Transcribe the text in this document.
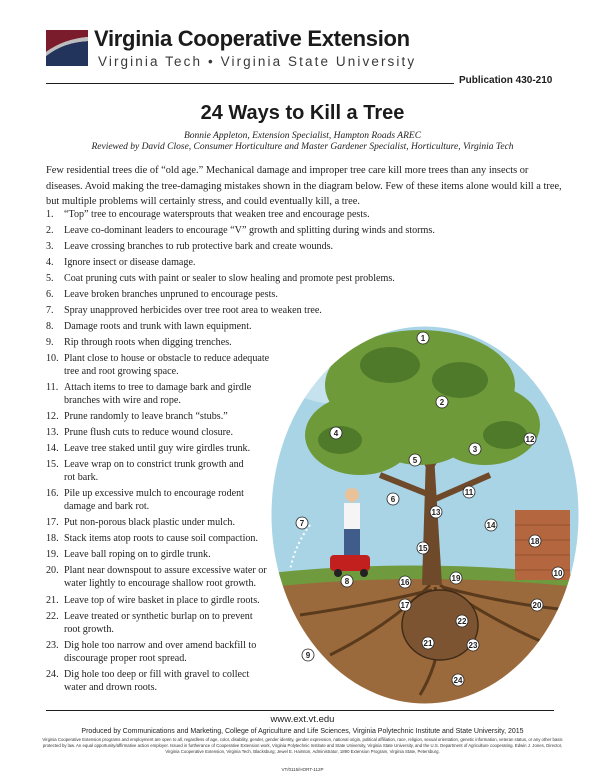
Virginia Cooperative Extension
Virginia Tech • Virginia State University
Publication 430-210
24 Ways to Kill a Tree
Bonnie Appleton, Extension Specialist, Hampton Roads AREC
Reviewed by David Close, Consumer Horticulture and Master Gardener Specialist, Horticulture, Virginia Tech
Few residential trees die of “old age.” Mechanical damage and improper tree care kill more trees than any insects or diseases. Avoid making the tree-damaging mistakes shown in the diagram below. Few of these items alone would kill a tree, but multiple problems will certainly stress, and could eventually kill, a tree.
1
2
3
4
5
6
7
8
9
10
11
12
13
14
15
16
17
18
19
20
21
22
23
24
1. “Top” tree to encourage watersprouts that weaken tree and encourage pests.
2. Leave co-dominant leaders to encourage “V” growth and splitting during winds and storms.
3. Leave crossing branches to rub protective bark and create wounds.
4. Ignore insect or disease damage.
5. Coat pruning cuts with paint or sealer to slow healing and promote pest problems.
6. Leave broken branches unpruned to encourage pests.
7. Spray unapproved herbicides over tree root area to weaken tree.
8. Damage roots and trunk with lawn equipment.
9. Rip through roots when digging trenches.
10. Plant close to house or obstacle to reduce adequate
tree and root growing space.
11. Attach items to tree to damage bark and girdle
branches with wire and rope.
12. Prune randomly to leave branch “stubs.”
13. Prune flush cuts to reduce wound closure.
14. Leave tree staked until guy wire girdles trunk.
15. Leave wrap on to constrict trunk growth and
rot bark.
16. Pile up excessive mulch to encourage rodent
damage and bark rot.
17. Put non-porous black plastic under mulch.
18. Stack items atop roots to cause soil compaction.
19. Leave ball roping on to girdle trunk.
20. Plant near downspout to assure excessive water or
water lightly to encourage shallow root growth.
21. Leave top of wire basket in place to girdle roots.
22. Leave treated or synthetic burlap on to prevent
root growth.
23. Dig hole too narrow and over amend backfill to
discourage proper root spread.
24. Dig hole too deep or fill with gravel to collect
water and drown roots.
www.ext.vt.edu
Produced by Communications and Marketing, College of Agriculture and Life Sciences, Virginia Polytechnic Institute and State University, 2015
Virginia Cooperative Extension programs and employment are open to all, regardless of age, color, disability, gender, gender identity, gender expression, national origin, political affiliation, race, religion, sexual orientation, genetic information, veteran status, or any other basis protected by law. An equal opportunity/affirmative action employer. Issued in furtherance of Cooperative Extension work, Virginia Polytechnic Institute and State University, Virginia State University, and the U.S. Department of Agriculture cooperating. Edwin J. Jones, Director, Virginia Cooperative Extension, Virginia Tech, Blacksburg; Jewel E. Hairston, Administrator, 1890 Extension Program, Virginia State, Petersburg.
VT/0115/HORT-112P
